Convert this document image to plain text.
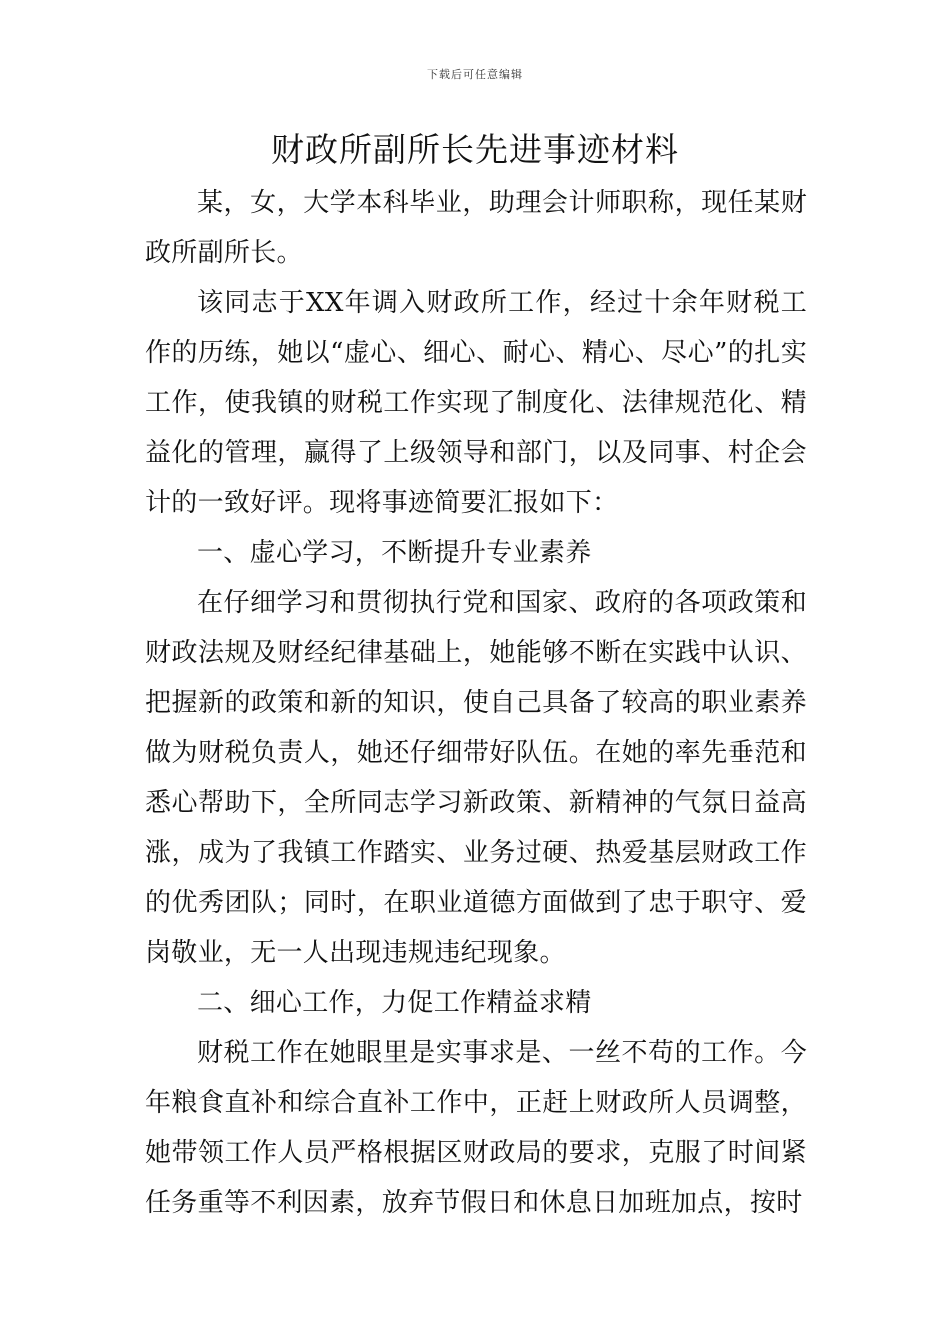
下载后可任意编辑
财政所副所长先进事迹材料

某，女，大学本科毕业，助理会计师职称，现任某财政所副所长。

该同志于XX年调入财政所工作，经过十余年财税工作的历练，她以“虚心、细心、耐心、精心、尽心”的扎实工作，使我镇的财税工作实现了制度化、法律规范化、精益化的管理，赢得了上级领导和部门，以及同事、村企会计的一致好评。现将事迹简要汇报如下：

一、虚心学习，不断提升专业素养

在仔细学习和贯彻执行党和国家、政府的各项政策和财政法规及财经纪律基础上，她能够不断在实践中认识、把握新的政策和新的知识，使自己具备了较高的职业素养做为财税负责人，她还仔细带好队伍。在她的率先垂范和悉心帮助下，全所同志学习新政策、新精神的气氛日益高涨，成为了我镇工作踏实、业务过硬、热爱基层财政工作的优秀团队；同时，在职业道德方面做到了忠于职守、爱岗敬业，无一人出现违规违纪现象。

二、细心工作，力促工作精益求精

财税工作在她眼里是实事求是、一丝不苟的工作。今年粮食直补和综合直补工作中，正赶上财政所人员调整，她带领工作人员严格根据区财政局的要求，克服了时间紧任务重等不利因素，放弃节假日和休息日加班加点，按时
